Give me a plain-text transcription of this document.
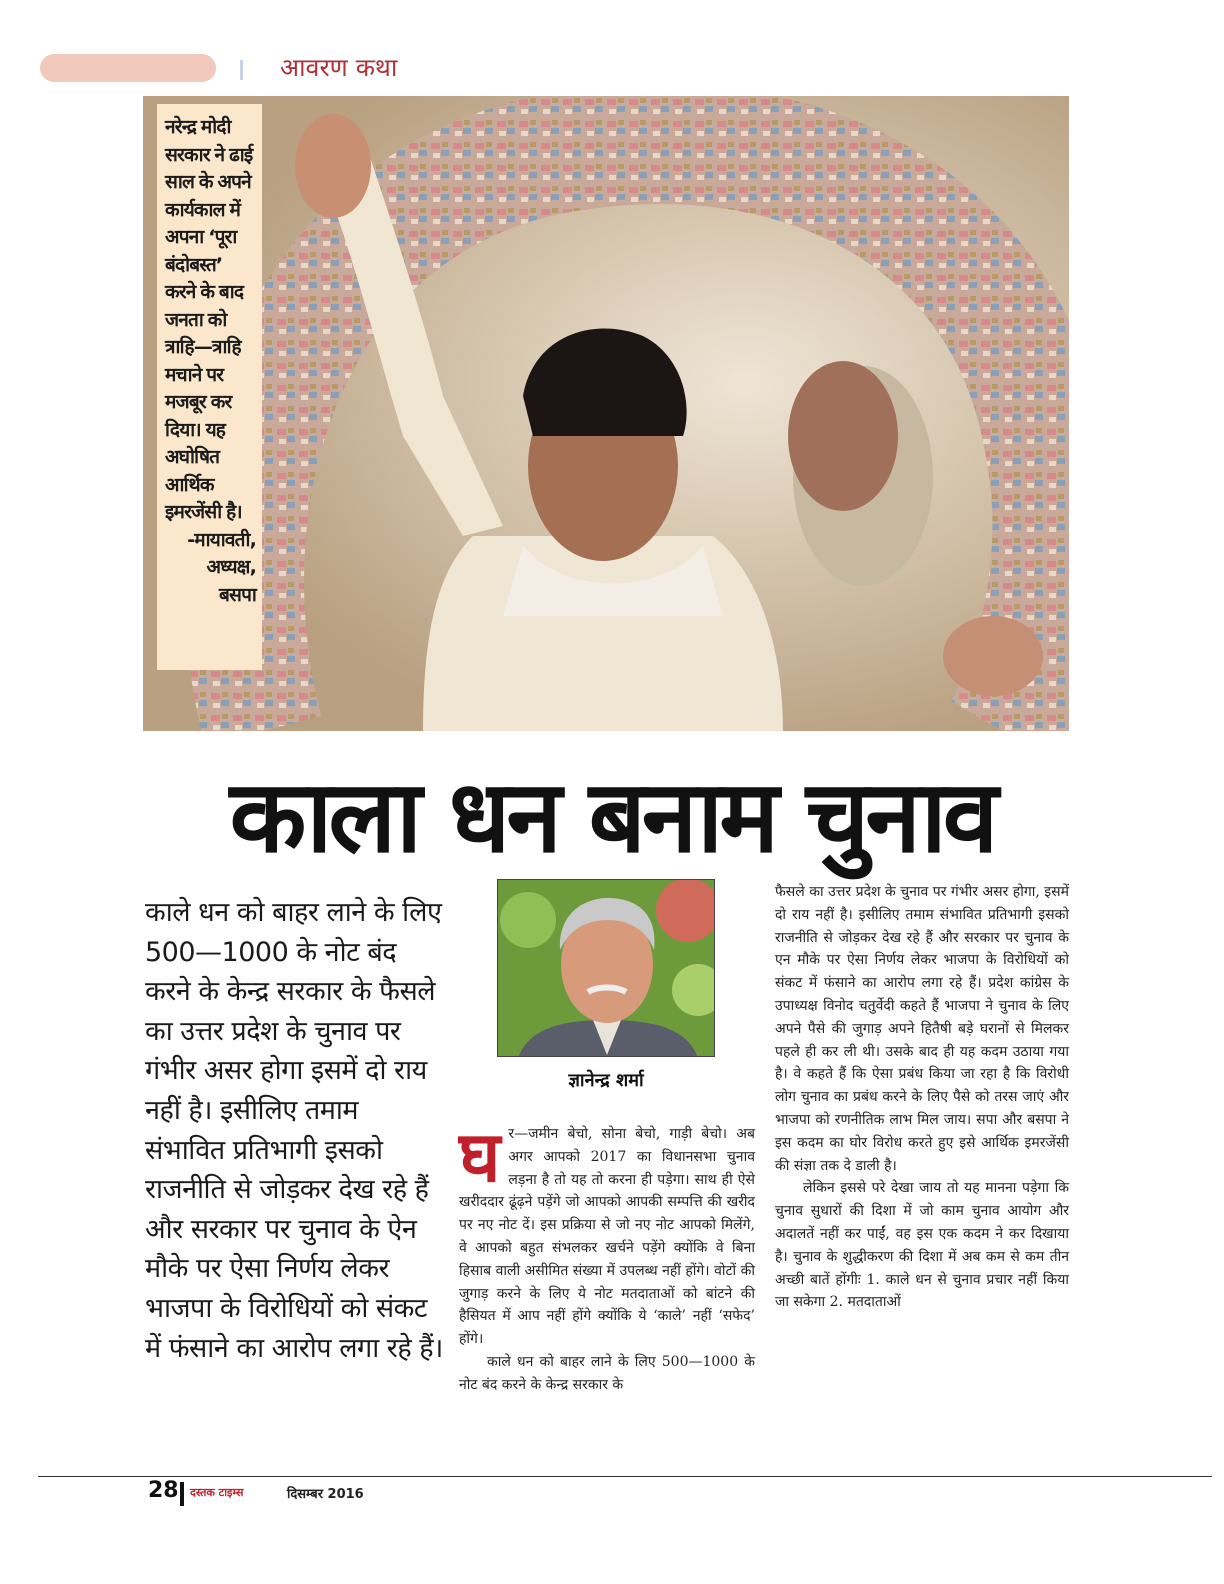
आवरण कथा
नरेन्द्र मोदी सरकार ने ढाई साल के अपने कार्यकाल में अपना ‘पूरा बंदोबस्त’ करने के बाद जनता को त्राहि—त्राहि मचाने पर मजबूर कर दिया। यह अघोषित आर्थिक इमरजेंसी है।
-मायावती,
अध्यक्ष,
बसपा
काला धन बनाम चुनाव
काले धन को बाहर लाने के लिए 500—1000 के नोट बंद करने के केन्द्र सरकार के फैसले का उत्तर प्रदेश के चुनाव पर गंभीर असर होगा इसमें दो राय नहीं है। इसीलिए तमाम संभावित प्रतिभागी इसको राजनीति से जोड़कर देख रहे हैं और सरकार पर चुनाव के ऐन मौके पर ऐसा निर्णय लेकर भाजपा के विरोधियों को संकट में फंसाने का आरोप लगा रहे हैं।
ज्ञानेन्द्र शर्मा

घर—जमीन बेचो, सोना बेचो, गाड़ी बेचो। अब अगर आपको 2017 का विधानसभा चुनाव लड़ना है तो यह तो करना ही पड़ेगा। साथ ही ऐसे खरीददार ढूंढ़ने पड़ेंगे जो आपको आपकी सम्पत्ति की खरीद पर नए नोट दें। इस प्रक्रिया से जो नए नोट आपको मिलेंगे, वे आपको बहुत संभलकर खर्चने पड़ेंगे क्योंकि वे बिना हिसाब वाली असीमित संख्या में उपलब्ध नहीं होंगे। वोटों की जुगाड़ करने के लिए ये नोट मतदाताओं को बांटने की हैसियत में आप नहीं होंगे क्योंकि ये ‘काले’ नहीं ‘सफेद’ होंगे।

काले धन को बाहर लाने के लिए 500—1000 के नोट बंद करने के केन्द्र सरकार के

फैसले का उत्तर प्रदेश के चुनाव पर गंभीर असर होगा, इसमें दो राय नहीं है। इसीलिए तमाम संभावित प्रतिभागी इसको राजनीति से जोड़कर देख रहे हैं और सरकार पर चुनाव के एन मौके पर ऐसा निर्णय लेकर भाजपा के विरोधियों को संकट में फंसाने का आरोप लगा रहे हैं। प्रदेश कांग्रेस के उपाध्यक्ष विनोद चतुर्वेदी कहते हैं भाजपा ने चुनाव के लिए अपने पैसे की जुगाड़ अपने हितैषी बड़े घरानों से मिलकर पहले ही कर ली थी। उसके बाद ही यह कदम उठाया गया है। वे कहते हैं कि ऐसा प्रबंध किया जा रहा है कि विरोधी लोग चुनाव का प्रबंध करने के लिए पैसे को तरस जाएं और भाजपा को रणनीतिक लाभ मिल जाय। सपा और बसपा ने इस कदम का घोर विरोध करते हुए इसे आर्थिक इमरजेंसी की संज्ञा तक दे डाली है।

लेकिन इससे परे देखा जाय तो यह मानना पड़ेगा कि चुनाव सुधारों की दिशा में जो काम चुनाव आयोग और अदालतें नहीं कर पाईं, वह इस एक कदम ने कर दिखाया है। चुनाव के शुद्धीकरण की दिशा में अब कम से कम तीन अच्छी बातें होंगीः 1. काले धन से चुनाव प्रचार नहीं किया जा सकेगा 2. मतदाताओं

28 दस्तक टाइम्स	दिसम्बर 2016
